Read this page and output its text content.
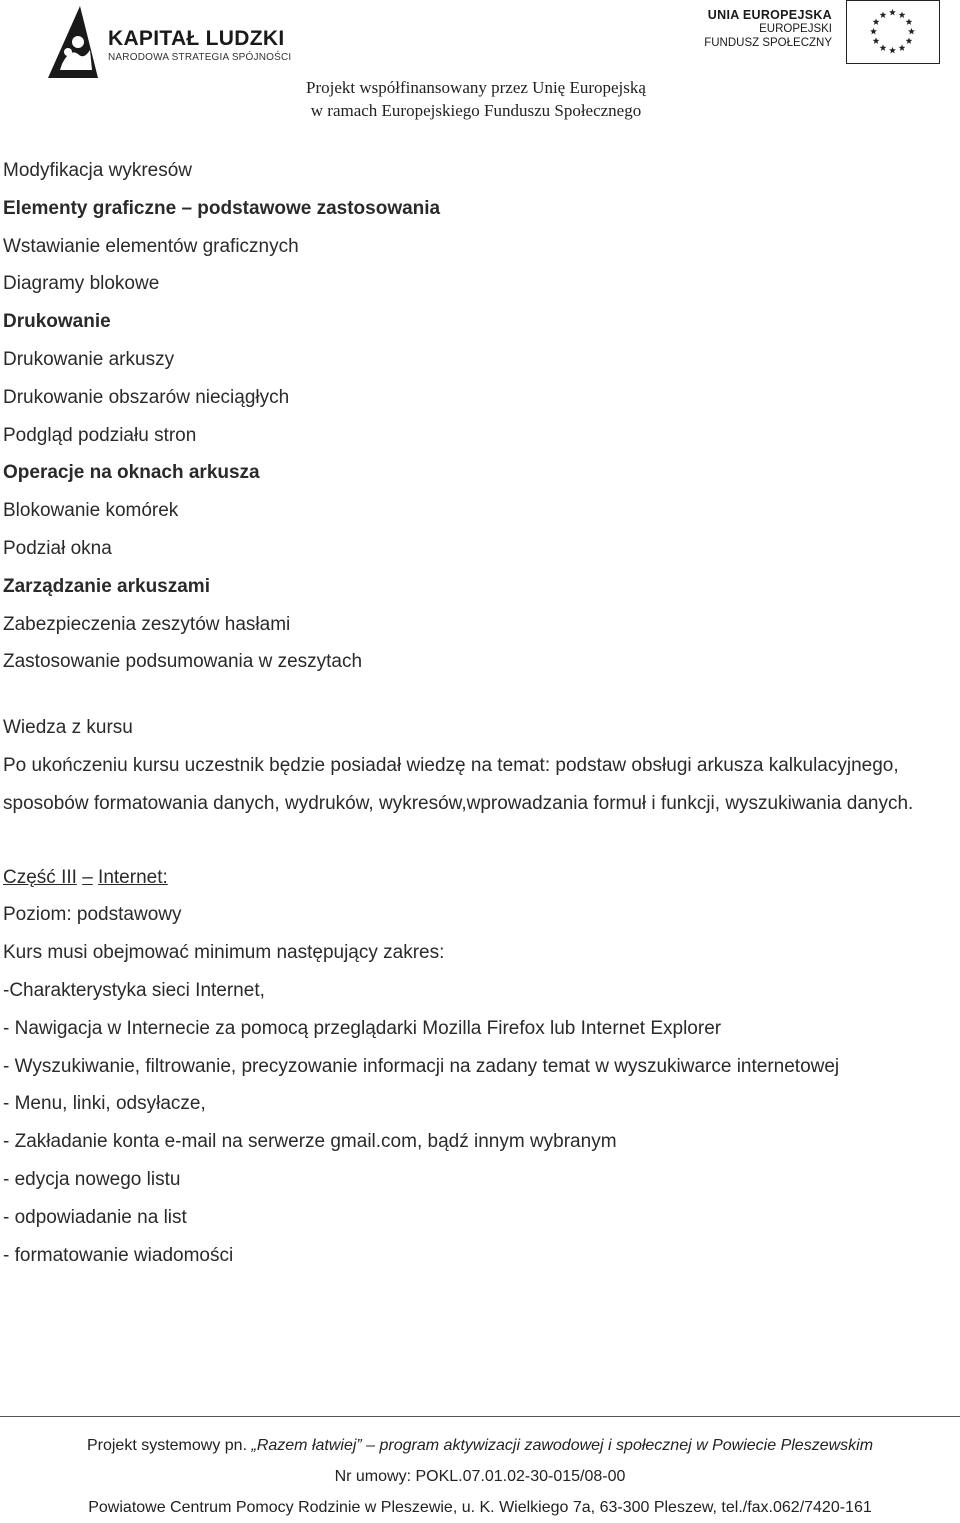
KAPITAŁ LUDZKI
NARODOWA STRATEGIA SPÓJNOŚCI
UNIA EUROPEJSKA
EUROPEJSKI
FUNDUSZ SPOŁECZNY
Projekt współfinansowany przez Unię Europejską
w ramach Europejskiego Funduszu Społecznego

Modyfikacja wykresów

Elementy graficzne – podstawowe zastosowania

Wstawianie elementów graficznych

Diagramy blokowe

Drukowanie

Drukowanie arkuszy

Drukowanie obszarów nieciągłych

Podgląd podziału stron

Operacje na oknach arkusza

Blokowanie komórek

Podział okna

Zarządzanie arkuszami

Zabezpieczenia zeszytów hasłami

Zastosowanie podsumowania w zeszytach

Wiedza z kursu

Po ukończeniu kursu uczestnik będzie posiadał wiedzę na temat: podstaw obsługi arkusza kalkulacyjnego, sposobów formatowania danych, wydruków, wykresów,wprowadzania formuł i funkcji, wyszukiwania danych.

Część III – Internet:

Poziom: podstawowy

Kurs musi obejmować minimum następujący zakres:

-Charakterystyka sieci Internet,

- Nawigacja w Internecie za pomocą przeglądarki Mozilla Firefox lub Internet Explorer

- Wyszukiwanie, filtrowanie, precyzowanie informacji na zadany temat w wyszukiwarce internetowej

- Menu, linki, odsyłacze,

- Zakładanie konta e-mail na serwerze gmail.com, bądź innym wybranym

- edycja nowego listu

- odpowiadanie na list

- formatowanie wiadomości

Projekt systemowy pn. „Razem łatwiej” – program aktywizacji zawodowej i społecznej w Powiecie Pleszewskim

Nr umowy: POKL.07.01.02-30-015/08-00

Powiatowe Centrum Pomocy Rodzinie w Pleszewie, u. K. Wielkiego 7a, 63-300 Pleszew, tel./fax.062/7420-161
